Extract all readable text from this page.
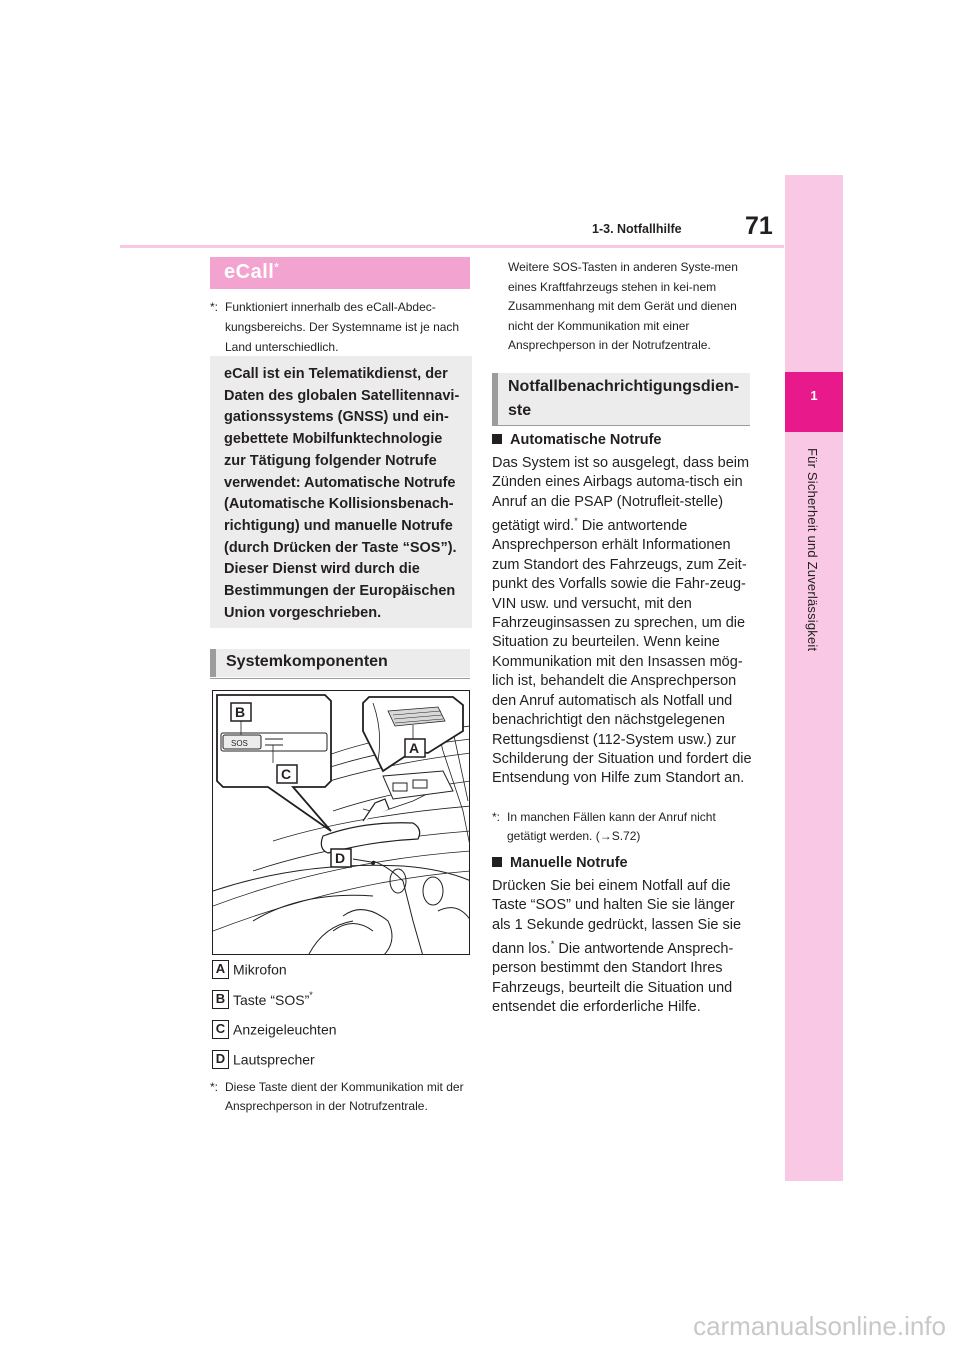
1-3. Notfallhilfe	71
1
Für Sicherheit und Zuverlässigkeit
eCall*
*: Funktioniert innerhalb des eCall-Abdec-kungsbereichs. Der Systemname ist je nach Land unterschiedlich.
eCall ist ein Telematikdienst, der Daten des globalen Satellitennavi-gationssystems (GNSS) und ein-gebettete Mobilfunktechnologie zur Tätigung folgender Notrufe verwendet: Automatische Notrufe (Automatische Kollisionsbenach-richtigung) und manuelle Notrufe (durch Drücken der Taste “SOS”). Dieser Dienst wird durch die Bestimmungen der Europäischen Union vorgeschrieben.
Systemkomponenten
SOS
B
A
C
D
A Mikrofon
B Taste “SOS”*
C Anzeigeleuchten
D Lautsprecher
*: Diese Taste dient der Kommunikation mit der Ansprechperson in der Notrufzentrale.
Weitere SOS-Tasten in anderen Syste-men eines Kraftfahrzeugs stehen in kei-nem Zusammenhang mit dem Gerät und dienen nicht der Kommunikation mit einer Ansprechperson in der Notrufzentrale.
Notfallbenachrichtigungsdien-ste
Automatische Notrufe
Das System ist so ausgelegt, dass beim Zünden eines Airbags automa-tisch ein Anruf an die PSAP (Notrufleit-stelle) getätigt wird.* Die antwortende Ansprechperson erhält Informationen zum Standort des Fahrzeugs, zum Zeit-punkt des Vorfalls sowie die Fahr-zeug-VIN usw. und versucht, mit den Fahrzeuginsassen zu sprechen, um die Situation zu beurteilen. Wenn keine Kommunikation mit den Insassen mög-lich ist, behandelt die Ansprechperson den Anruf automatisch als Notfall und benachrichtigt den nächstgelegenen Rettungsdienst (112-System usw.) zur Schilderung der Situation und fordert die Entsendung von Hilfe zum Standort an.
*: In manchen Fällen kann der Anruf nicht getätigt werden. (→S.72)
Manuelle Notrufe
Drücken Sie bei einem Notfall auf die Taste “SOS” und halten Sie sie länger als 1 Sekunde gedrückt, lassen Sie sie dann los.* Die antwortende Ansprech-person bestimmt den Standort Ihres Fahrzeugs, beurteilt die Situation und entsendet die erforderliche Hilfe.
carmanualsonline.info
